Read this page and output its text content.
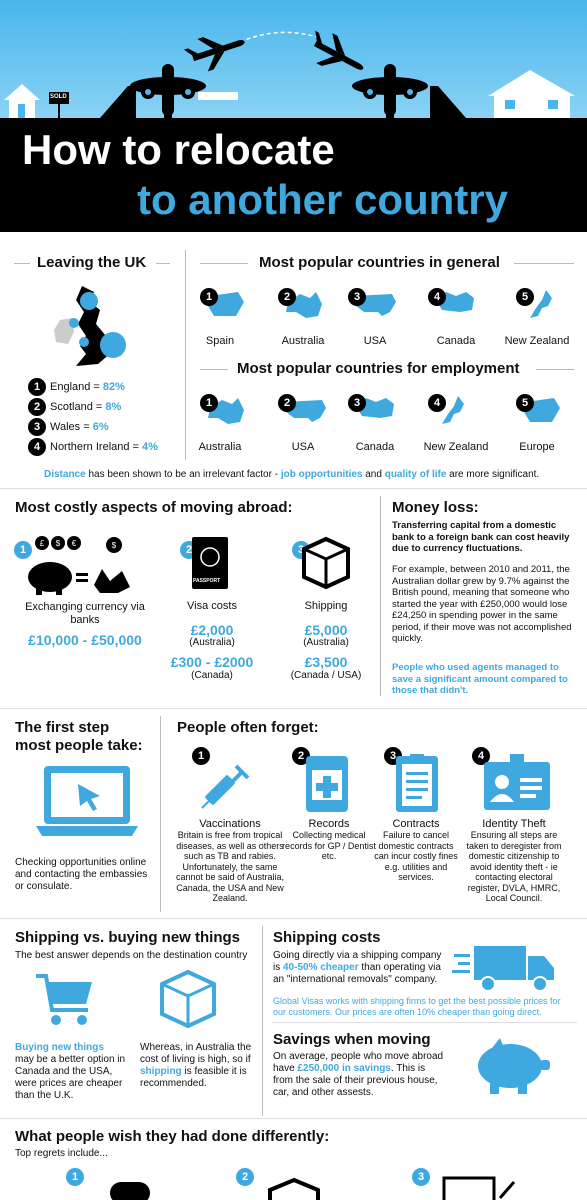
SOLD
How to relocate
to another country
Leaving the UK
1 England = 82%
2 Scotland = 8%
3 Wales = 6%
4 Northern Ireland = 4%
Most popular countries in general
1
Spain
2
Australia
3
USA
4
Canada
5
New Zealand
Most popular countries for employment
1
Australia
2
USA
3
Canada
4
New Zealand
5
Europe
Distance has been shown to be an irrelevant factor - job opportunities and quality of life are more significant.
Most costly aspects of moving abroad:
1
£ $ €	$
Exchanging currency via banks
£10,000 - £50,000
2
PASSPORT
Visa costs
£2,000
(Australia)
£300 - £2000
(Canada)
3
Shipping
£5,000
(Australia)
£3,500
(Canada / USA)
Money loss:
Transferring capital from a domestic bank to a foreign bank can cost heavily due to currency fluctuations.
For example, between 2010 and 2011, the Australian dollar grew by 9.7% against the British pound, meaning that someone who started the year with £250,000 would lose £24,250 in spending power in the same period, if their move was not accomplished quickly.
People who used agents managed to save a significant amount compared to those that didn't.
The first step
most people take:
Checking opportunities online and contacting the embassies or consulate.
People often forget:
1
Vaccinations
Britain is free from tropical diseases, as well as others such as TB and rabies. Unfortunately, the same cannot be said of Australia, Canada, the USA and New Zealand.
2
Records
Collecting medical records for GP / Dentist etc.
3
Contracts
Failure to cancel domestic contracts can incur costly fines e.g. utilities and services.
4
Identity Theft
Ensuring all steps are taken to deregister from domestic citizenship to avoid identity theft - ie contacting electoral register, DVLA, HMRC, Local Council.
Shipping vs. buying new things
The best answer depends on the destination country
Buying new things
may be a better option in Canada and the USA, were prices are cheaper than the U.K.
Whereas, in Australia the cost of living is high, so if shipping is feasible it is recommended.
Shipping costs
Going directly via a shipping company is 40-50% cheaper than operating via an "international removals" company.
Global Visas works with shipping firms to get the best possible prices for our customers. Our prices are often 10% cheaper than going direct.
Savings when moving
On average, people who move abroad have £250,000 in savings. This is from the sale of their previous house, car, and other assests.
What people wish they had done differently:
Top regrets include...
1	2	3
